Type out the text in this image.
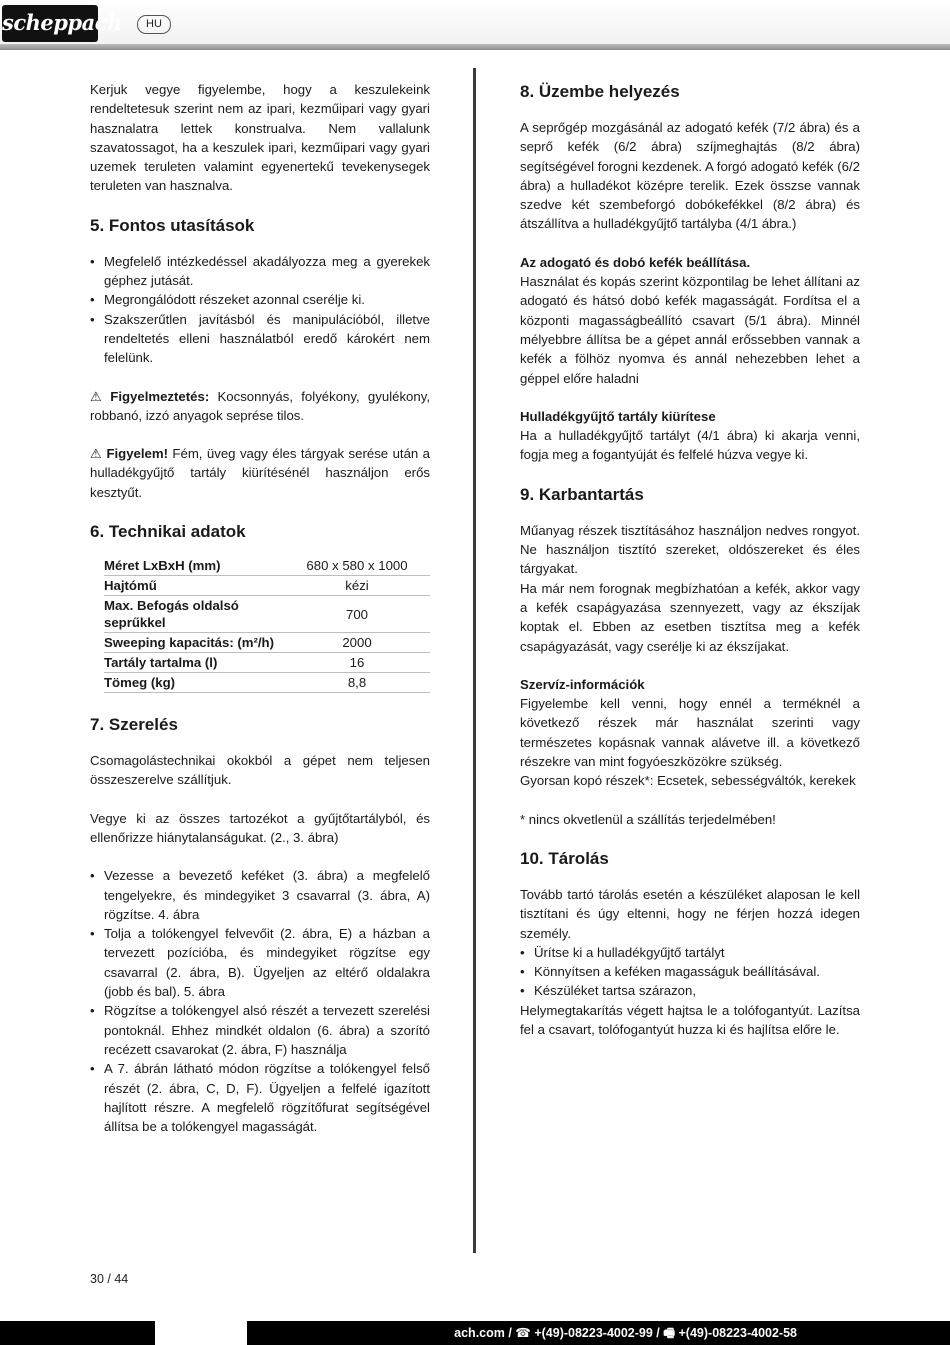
scheppach	HU

Kerjuk vegye figyelembe, hogy a keszulekeink rendeltetesuk szerint nem az ipari, kezműipari vagy gyari hasznalatra lettek konstrualva. Nem vallalunk szavatossagot, ha a keszulek ipari, kezműipari vagy gyari uzemek teruleten valamint egyenertekű tevekenysegek teruleten van hasznalva.

5. Fontos utasítások
• Megfelelő intézkedéssel akadályozza meg a gyerekek géphez jutását.
• Megrongálódott részeket azonnal cserélje ki.
• Szakszerűtlen javításból és manipulációból, illetve rendeltetés elleni használatból eredő károkért nem felelünk.

⚠ Figyelmeztetés: Kocsonnyás, folyékony, gyulékony, robbanó, izzó anyagok seprése tilos.

⚠ Figyelem! Fém, üveg vagy éles tárgyak serése után a hulladékgyűjtő tartály kiürítésénél használjon erős kesztyűt.

6. Technikai adatok
Méret LxBxH (mm)	680 x 580 x 1000
Hajtómű	kézi
Max. Befogás oldalsó seprűkkel	700
Sweeping kapacitás: (m²/h)	2000
Tartály tartalma (l)	16
Tömeg (kg)	8,8
7. Szerelés

Csomagolástechnikai okokból a gépet nem teljesen összeszerelve szállítjuk.

Vegye ki az összes tartozékot a gyűjtőtartályból, és ellenőrizze hiánytalanságukat. (2., 3. ábra)

• Vezesse a bevezető keféket (3. ábra) a megfelelő tengelyekre, és mindegyiket 3 csavarral (3. ábra, A) rögzítse. 4. ábra
• Tolja a tolókengyel felvevőit (2. ábra, E) a házban a tervezett pozícióba, és mindegyiket rögzítse egy csavarral (2. ábra, B). Ügyeljen az eltérő oldalakra (jobb és bal). 5. ábra
• Rögzítse a tolókengyel alsó részét a tervezett szerelési pontoknál. Ehhez mindkét oldalon (6. ábra) a szorító recézett csavarokat (2. ábra, F) használja
• A 7. ábrán látható módon rögzítse a tolókengyel felső részét (2. ábra, C, D, F). Ügyeljen a felfelé igazított hajlított részre. A megfelelő rögzítőfurat segítségével állítsa be a tolókengyel magasságát.
8. Üzembe helyezés

A seprőgép mozgásánál az adogató kefék (7/2 ábra) és a seprő kefék (6/2 ábra) szíjmeghajtás (8/2 ábra) segítségével forogni kezdenek. A forgó adogató kefék (6/2 ábra) a hulladékot középre terelik. Ezek összse vannak szedve két szembeforgó dobókefékkel (8/2 ábra) és átszállítva a hulladékgyűjtő tartályba (4/1 ábra.)

Az adogató és dobó kefék beállítása.

Használat és kopás szerint központilag be lehet állítani az adogató és hátsó dobó kefék magasságát. Fordítsa el a központi magasságbeállító csavart (5/1 ábra). Minnél mélyebbre állítsa be a gépet annál erőssebben vannak a kefék a fölhöz nyomva és annál nehezebben lehet a géppel előre haladni

Hulladékgyűjtő tartály kiürítese

Ha a hulladékgyűjtő tartályt (4/1 ábra) ki akarja venni, fogja meg a fogantyúját és felfelé húzva vegye ki.

9. Karbantartás

Műanyag részek tisztításához használjon nedves rongyot. Ne használjon tisztító szereket, oldószereket és éles tárgyakat.

Ha már nem forognak megbízhatóan a kefék, akkor vagy a kefék csapágyazása szennyezett, vagy az ékszíjak koptak el. Ebben az esetben tisztítsa meg a kefék csapágyazását, vagy cserélje ki az ékszíjakat.

Szervíz-információk

Figyelembe kell venni, hogy ennél a terméknél a következő részek már használat szerinti vagy természetes kopásnak vannak alávetve ill. a következő részekre van mint fogyóeszközökre szükség.

Gyorsan kopó részek*: Ecsetek, sebességváltók, kerekek

* nincs okvetlenül a szállítás terjedelmében!

10. Tárolás

Tovább tartó tárolás esetén a készüléket alaposan le kell tisztítani és úgy eltenni, hogy ne férjen hozzá idegen személy.

• Ürítse ki a hulladékgyűjtő tartályt
• Könnyítsen a keféken magasságuk beállításával.
• Készüléket tartsa szárazon,

Helymegtakarítás végett hajtsa le a tolófogantyút. Lazítsa fel a csavart, tolófogantyút huzza ki és hajlítsa előre le.

30 / 44
ach.com / ☎ +(49)-08223-4002-99 / 🖷 +(49)-08223-4002-58
